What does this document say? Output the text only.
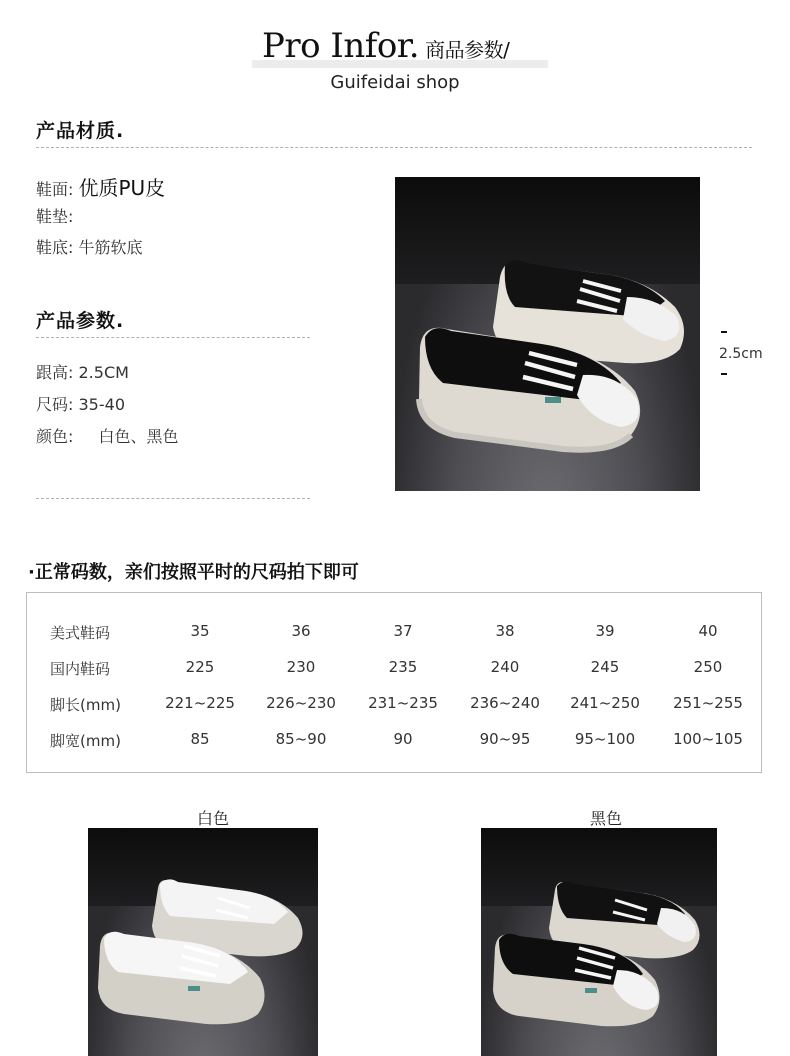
Pro Infor. 商品参数/
Guifeidai shop
产品材质.
鞋面: 优质PU皮
鞋垫:
鞋底: 牛筋软底
产品参数.
跟高: 2.5CM
尺码: 35-40
颜色: 白色、黑色
2.5cm
·正常码数，亲们按照平时的尺码拍下即可
美式鞋码	35	36	37	38	39	40
国内鞋码	225	230	235	240	245	250
脚长(mm)	221~225	226~230	231~235	236~240	241~250	251~255
脚宽(mm)	85	85~90	90	90~95	95~100	100~105
白色	黑色
